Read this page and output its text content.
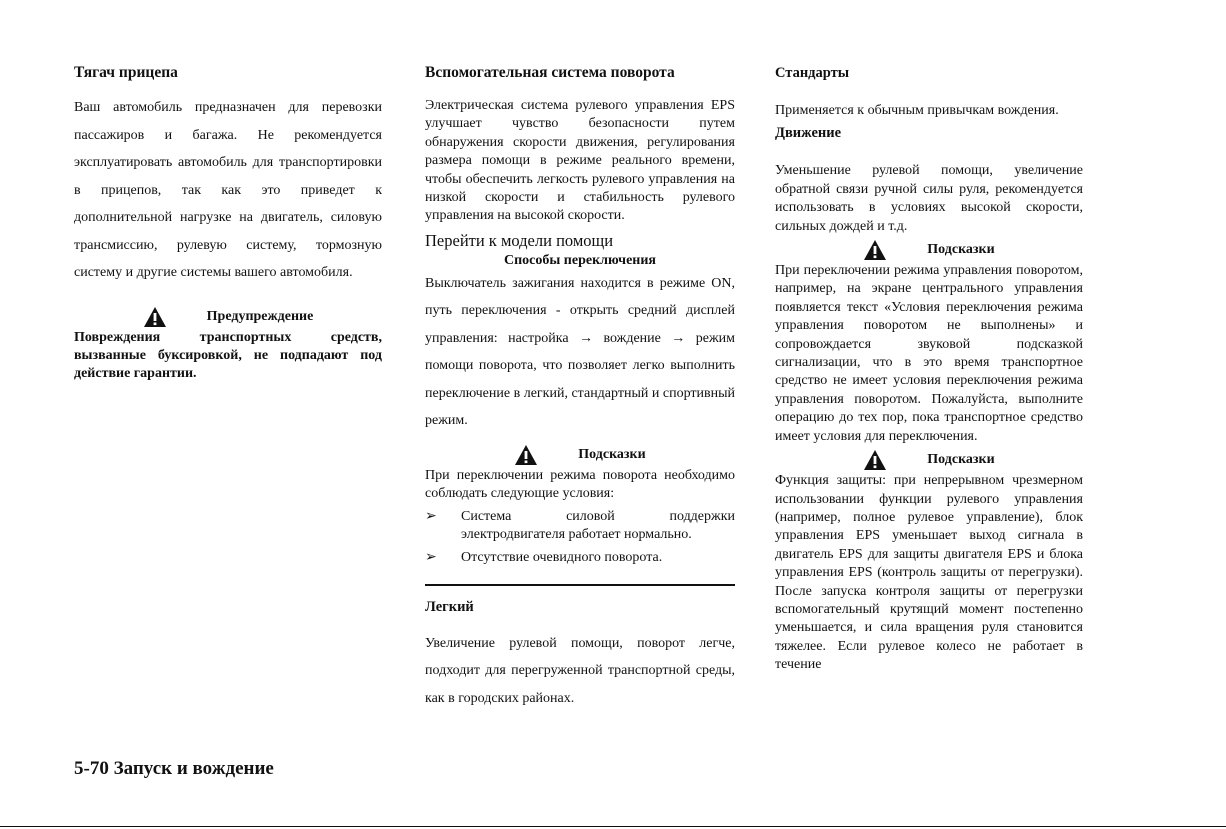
Тягач прицепа

Ваш автомобиль предназначен для перевозки пассажиров и багажа. Не рекомендуется эксплуатировать автомобиль для транспортировки в прицепов, так как это приведет к дополнительной нагрузке на двигатель, силовую трансмиссию, рулевую систему, тормозную систему и другие системы вашего автомобиля.

Предупреждение

Повреждения транспортных средств, вызванные буксировкой, не подпадают под действие гарантии.

Вспомогательная система поворота

Электрическая система рулевого управления EPS улучшает чувство безопасности путем обнаружения скорости движения, регулирования размера помощи в режиме реального времени, чтобы обеспечить легкость рулевого управления на низкой скорости и стабильность рулевого управления на высокой скорости.

Перейти к модели помощи
Способы переключения

Выключатель зажигания находится в режиме ON, путь переключения - открыть средний дисплей управления: настройка → вождение → режим помощи поворота, что позволяет легко выполнить переключение в легкий, стандартный и спортивный режим.

Подсказки

При переключении режима поворота необходимо соблюдать следующие условия:

➢ Система силовой поддержки электродвигателя работает нормально.
➢ Отсутствие очевидного поворота.
Легкий

Увеличение рулевой помощи, поворот легче, подходит для перегруженной транспортной среды, как в городских районах.

Стандарты

Применяется к обычным привычкам вождения.

Движение

Уменьшение рулевой помощи, увеличение обратной связи ручной силы руля, рекомендуется использовать в условиях высокой скорости, сильных дождей и т.д.

Подсказки

При переключении режима управления поворотом, например, на экране центрального управления появляется текст «Условия переключения режима управления поворотом не выполнены» и сопровождается звуковой подсказкой сигнализации, что в это время транспортное средство не имеет условия переключения режима управления поворотом. Пожалуйста, выполните операцию до тех пор, пока транспортное средство имеет условия для переключения.

Подсказки

Функция защиты: при непрерывном чрезмерном использовании функции рулевого управления (например, полное рулевое управление), блок управления EPS уменьшает выход сигнала в двигатель EPS для защиты двигателя EPS и блока управления EPS (контроль защиты от перегрузки). После запуска контроля защиты от перегрузки вспомогательный крутящий момент постепенно уменьшается, и сила вращения руля становится тяжелее. Если рулевое колесо не работает в течение

5-70 Запуск и вождение
